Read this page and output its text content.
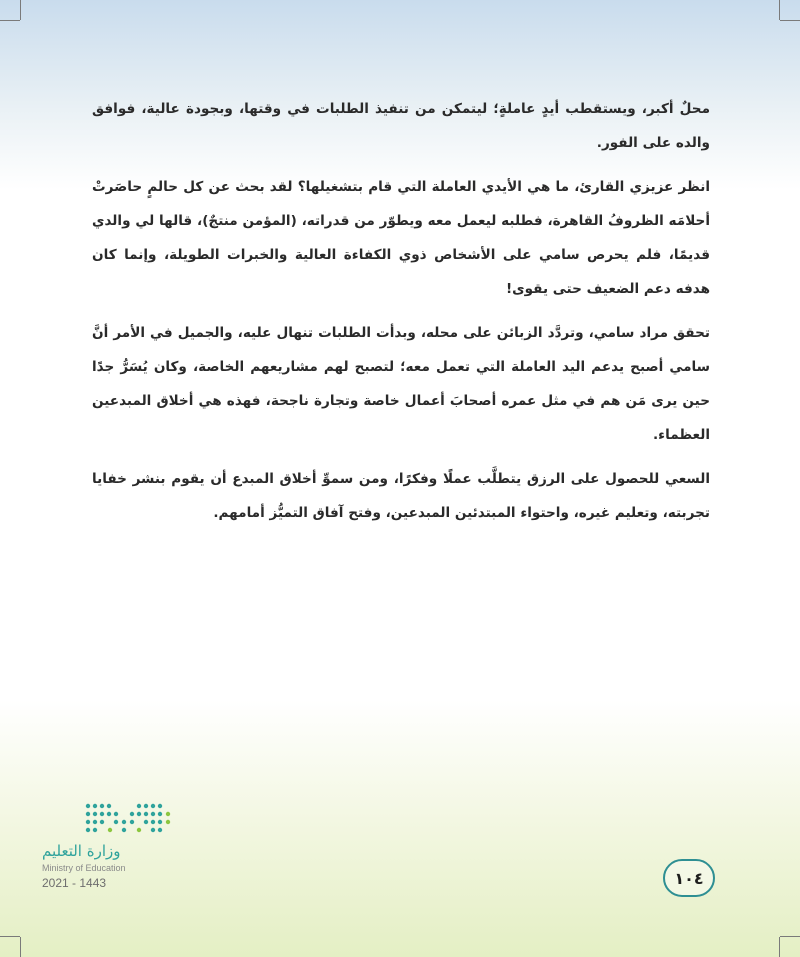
محلٌ أكبر، ويستقطب أيدٍ عاملةٍ؛ ليتمكن من تنفيذ الطلبات في وقتها، وبجودة عالية، فوافق والده على الفور.

انظر عزيزي القارئ، ما هي الأيدي العاملة التي قام بتشغيلها؟ لقد بحث عن كل حالمٍ حاصَرتْ أحلامَه الظروفُ القاهرة، فطلبه ليعمل معه ويطوّر من قدراته، (المؤمن منتجٌ)، قالها لي والدي قديمًا، فلم يحرص سامي على الأشخاص ذوي الكفاءة العالية والخبرات الطويلة، وإنما كان هدفه دعم الضعيف حتى يقوى!

تحقق مراد سامي، وتردَّد الزبائن على محله، وبدأت الطلبات تنهال عليه، والجميل في الأمر أنَّ سامي أصبح يدعم اليد العاملة التي تعمل معه؛ لتصبح لهم مشاريعهم الخاصة، وكان يُسَرُّ جدًا حين يرى مَن هم في مثل عمره أصحابَ أعمال خاصة وتجارة ناجحة، فهذه هي أخلاق المبدعين العظماء.

السعي للحصول على الرزق يتطلَّب عملًا وفكرًا، ومن سموِّ أخلاق المبدع أن يقوم بنشر خفايا تجربته، وتعليم غيره، واحتواء المبتدئين المبدعين، وفتح آفاق التميُّز أمامهم.

وزارة التعليم
Ministry of Education
2021 - 1443	١٠٤
